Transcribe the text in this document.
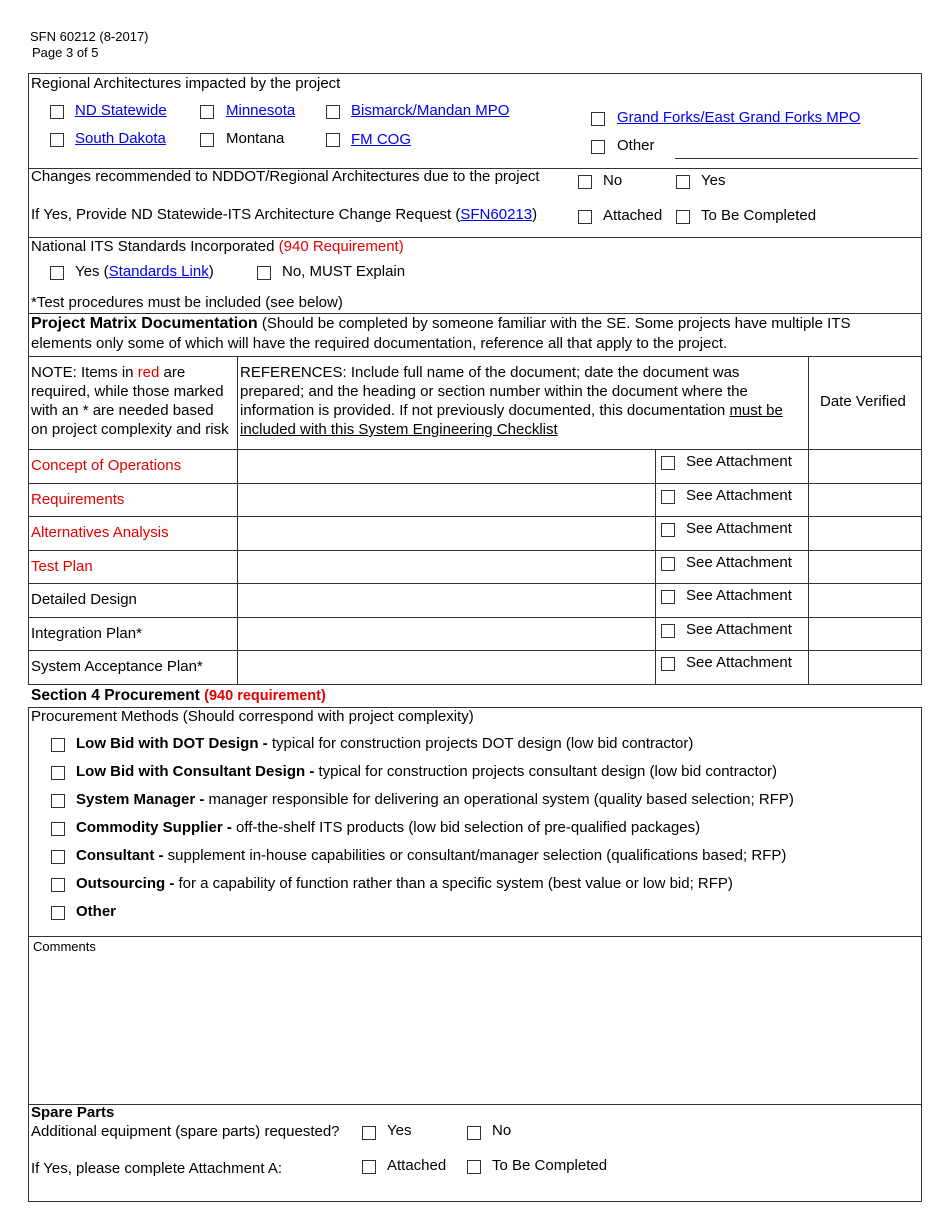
SFN 60212 (8-2017)
Page 3 of 5
Regional Architectures impacted by the project
ND Statewide	Minnesota	Bismarck/Mandan MPO	Grand Forks/East Grand Forks MPO
South Dakota	Montana	FM COG	Other
Changes recommended to NDDOT/Regional Architectures due to the project	No	Yes
If Yes, Provide ND Statewide-ITS Architecture Change Request (SFN60213)	Attached	To Be Completed
National ITS Standards Incorporated (940 Requirement)
Yes (Standards Link)	No, MUST Explain
*Test procedures must be included (see below)
Project Matrix Documentation (Should be completed by someone familiar with the SE. Some projects have multiple ITS
elements only some of which will have the required documentation, reference all that apply to the project.
NOTE: Items in red are
required, while those marked
with an * are needed based
on project complexity and risk
REFERENCES: Include full name of the document; date the document was
prepared; and the heading or section number within the document where the
information is provided. If not previously documented, this documentation must be
included with this System Engineering Checklist
Date Verified
Concept of Operations	See Attachment
Requirements	See Attachment
Alternatives Analysis	See Attachment
Test Plan	See Attachment
Detailed Design	See Attachment
Integration Plan*	See Attachment
System Acceptance Plan*	See Attachment
Section 4 Procurement (940 requirement)
Procurement Methods (Should correspond with project complexity)
Low Bid with DOT Design - typical for construction projects DOT design (low bid contractor)
Low Bid with Consultant Design - typical for construction projects consultant design (low bid contractor)
System Manager - manager responsible for delivering an operational system (quality based selection; RFP)
Commodity Supplier - off-the-shelf ITS products (low bid selection of pre-qualified packages)
Consultant - supplement in-house capabilities or consultant/manager selection (qualifications based; RFP)
Outsourcing - for a capability of function rather than a specific system (best value or low bid; RFP)
Other
Comments
Spare Parts
Additional equipment (spare parts) requested?	Yes	No
If Yes, please complete Attachment A:	Attached	To Be Completed
